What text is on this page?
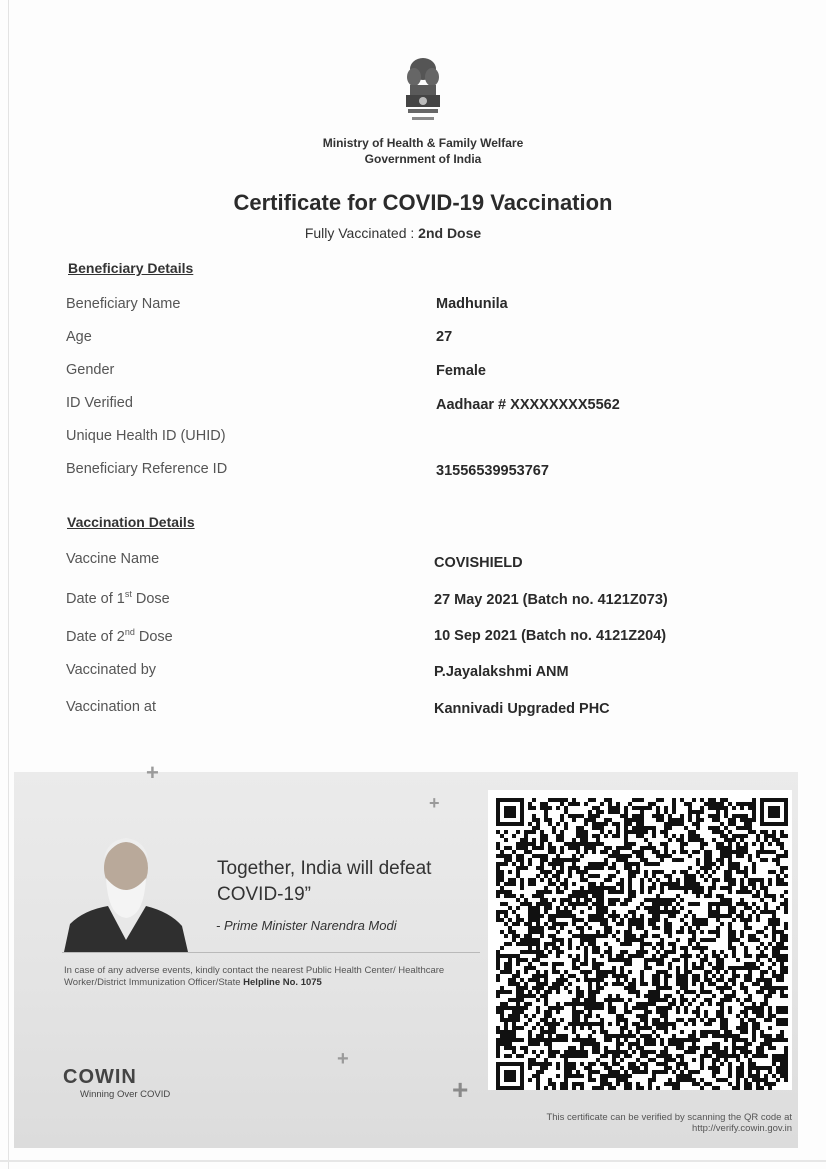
Ministry of Health & Family Welfare
Government of India
Certificate for COVID-19 Vaccination
Fully Vaccinated : 2nd Dose
Beneficiary Details
Beneficiary Name	Madhunila
Age	27
Gender	Female
ID Verified	Aadhaar # XXXXXXXX5562
Unique Health ID (UHID)
Beneficiary Reference ID	31556539953767
Vaccination Details
Vaccine Name	COVISHIELD
Date of 1st Dose	27 May 2021 (Batch no. 4121Z073)
Date of 2nd Dose	10 Sep 2021 (Batch no. 4121Z204)
Vaccinated by	P.Jayalakshmi ANM
Vaccination at	Kannivadi Upgraded PHC
+
+
+
+
Together, India will defeat
COVID-19”
- Prime Minister Narendra Modi
In case of any adverse events, kindly contact the nearest Public Health Center/ Healthcare Worker/District Immunization Officer/State Helpline No. 1075
COWIN
Winning Over COVID
This certificate can be verified by scanning the QR code at
http://verify.cowin.gov.in
